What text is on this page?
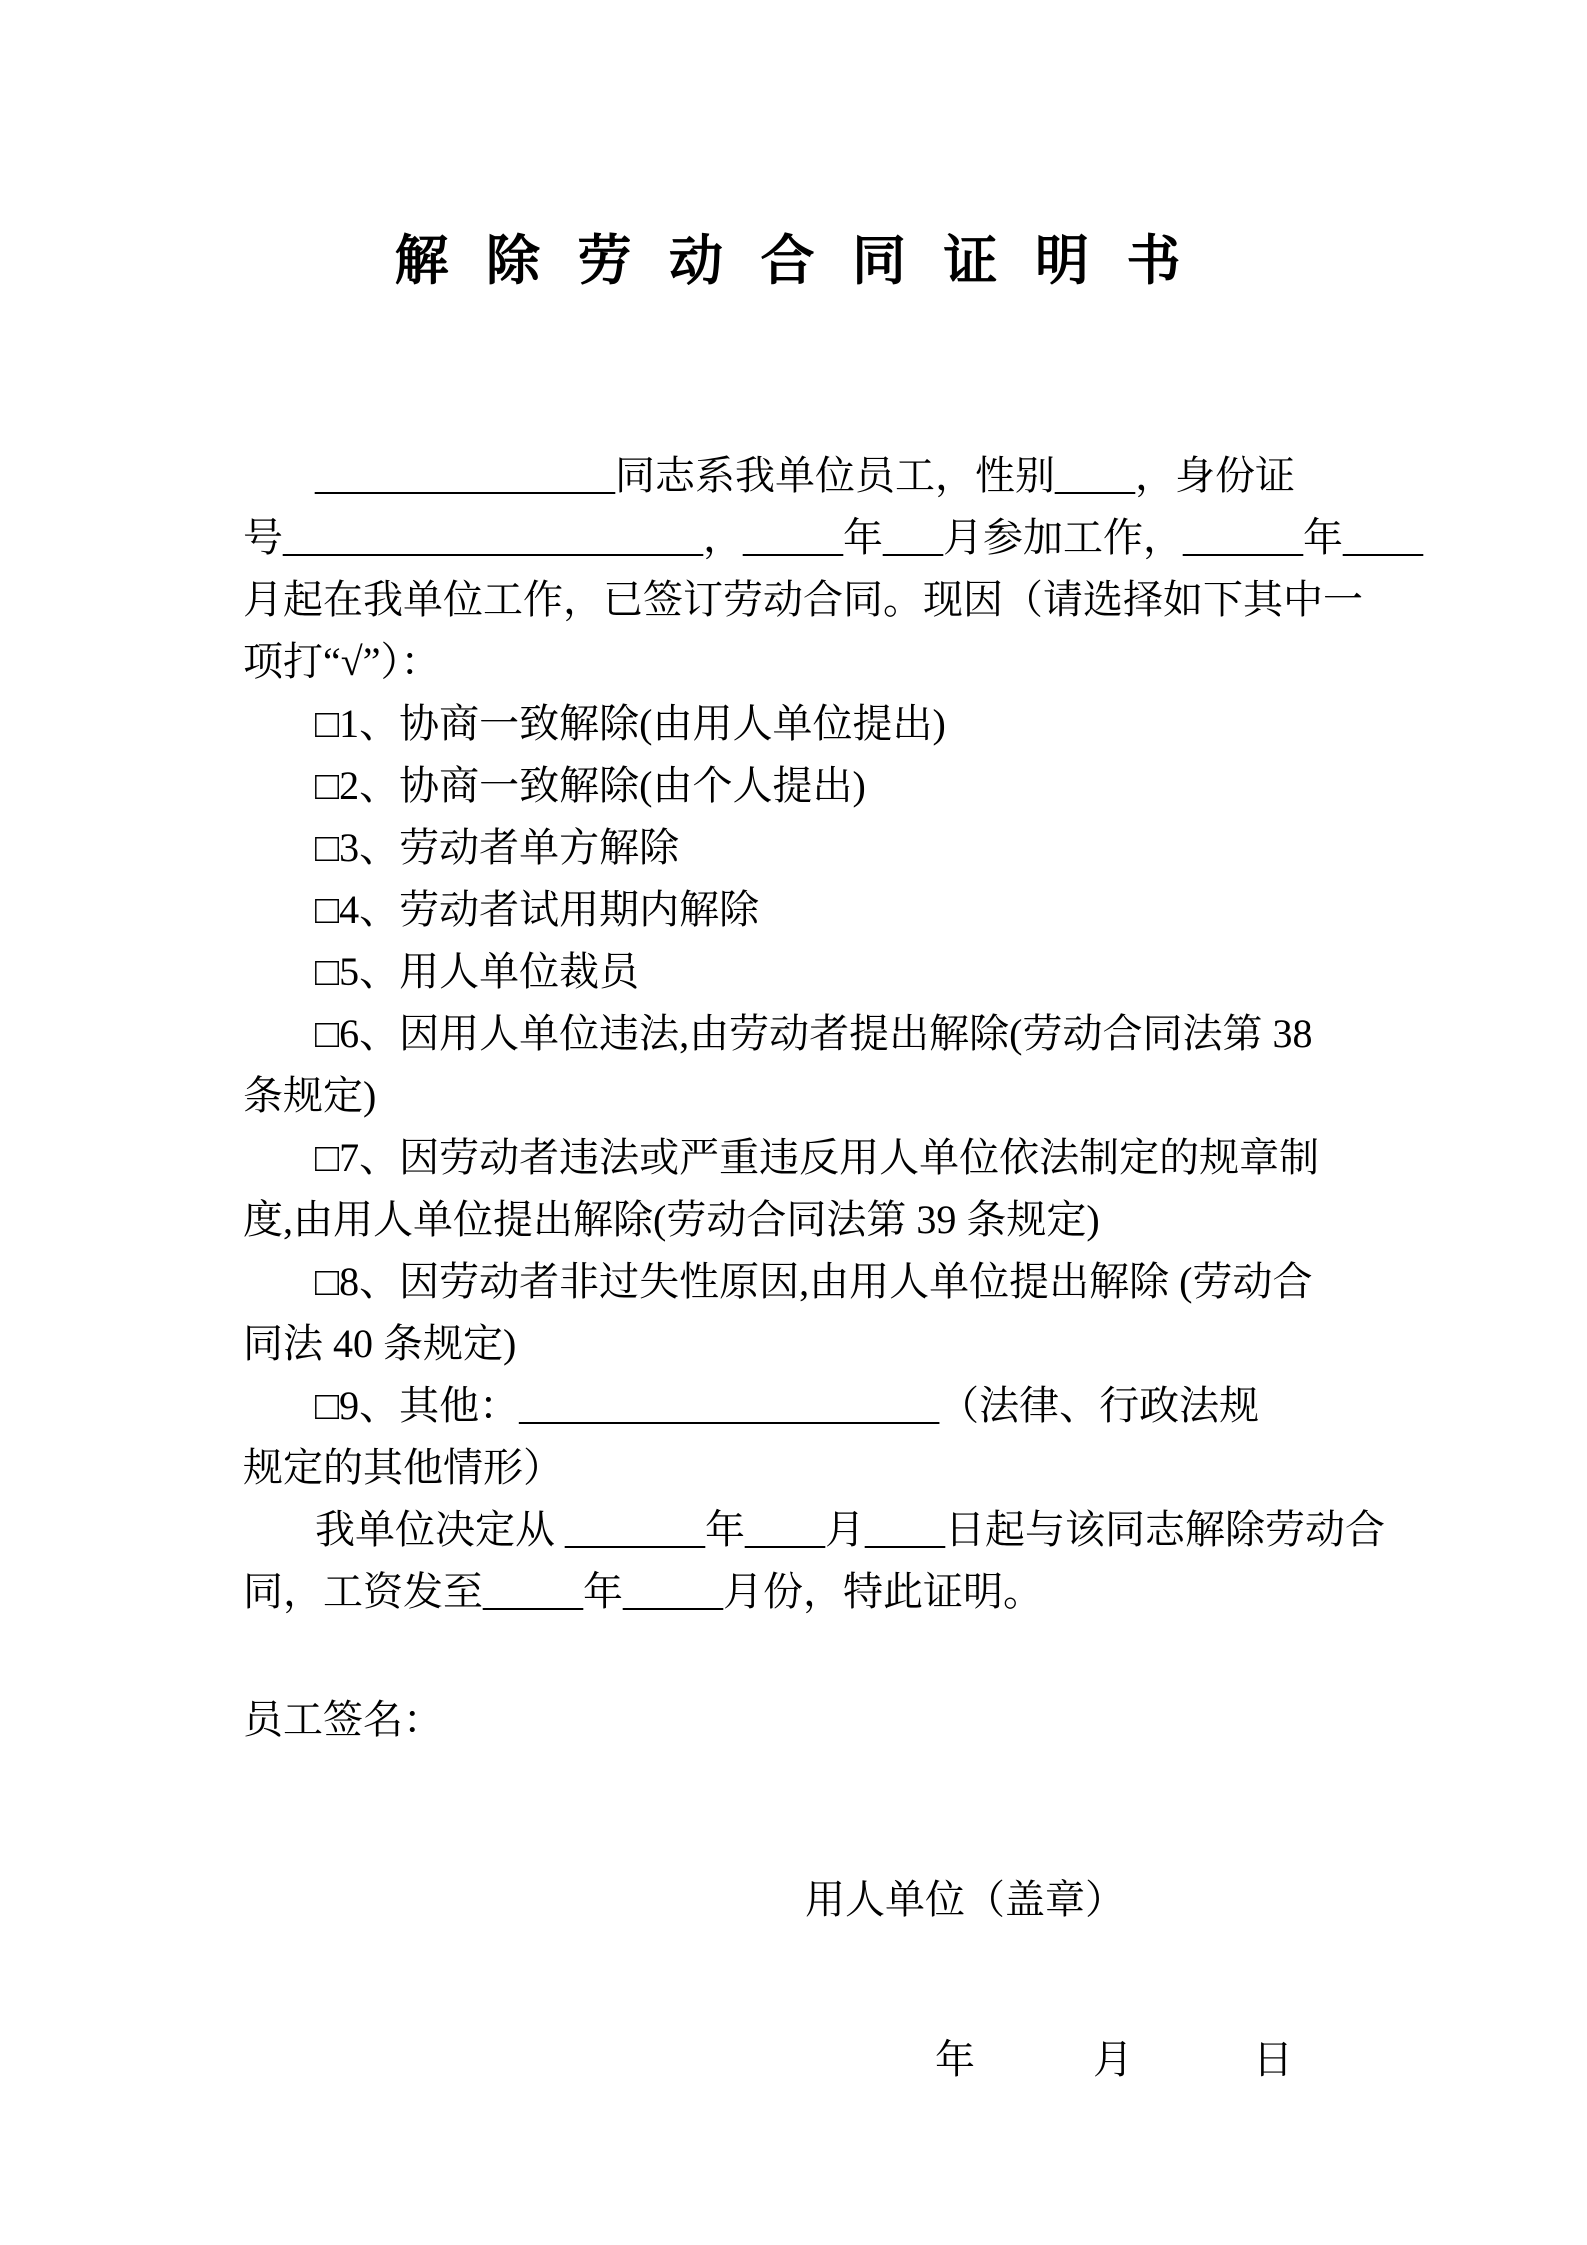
解 除 劳 动 合 同 证 明 书
_______________同志系我单位员工，性别____，身份证
号_____________________，_____年___月参加工作，______年____
月起在我单位工作，已签订劳动合同。现因（请选择如下其中一
项打“√”）：
□1、协商一致解除(由用人单位提出)
□2、协商一致解除(由个人提出)
□3、劳动者单方解除
□4、劳动者试用期内解除
□5、用人单位裁员
□6、因用人单位违法,由劳动者提出解除(劳动合同法第 38
条规定)
□7、因劳动者违法或严重违反用人单位依法制定的规章制
度,由用人单位提出解除(劳动合同法第 39 条规定)
□8、因劳动者非过失性原因,由用人单位提出解除 (劳动合
同法 40 条规定)
□9、其他：_____________________（法律、行政法规
规定的其他情形）
我单位决定从 _______年____月____日起与该同志解除劳动合
同，工资发至_____年_____月份，特此证明。
员工签名：
用人单位（盖章）
年	月	日
